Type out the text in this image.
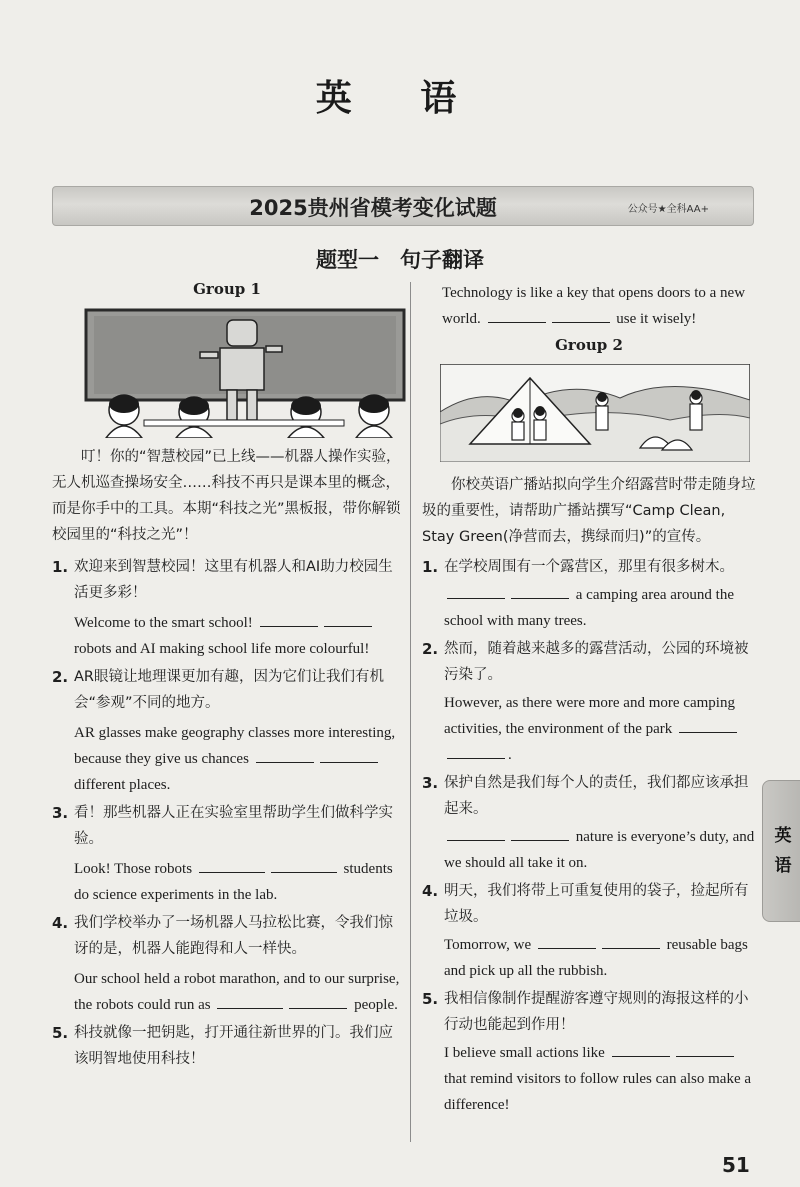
英 语
2025贵州省模考变化试题	公众号★全科AA+
题型一　句子翻译
Group 1
叮！你的“智慧校园”已上线——机器人操作实验，无人机巡查操场安全……科技不再只是课本里的概念，而是你手中的工具。本期“科技之光”黑板报，带你解锁校园里的“科技之光”！
1. 欢迎来到智慧校园！这里有机器人和AI助力校园生活更多彩！
Welcome to the smart school!  robots and AI making school life more colourful!
2. AR眼镜让地理课更加有趣，因为它们让我们有机会“参观”不同的地方。
AR glasses make geography classes more interesting, because they give us chances  different places.
3. 看！那些机器人正在实验室里帮助学生们做科学实验。
Look! Those robots	students do science experiments in the lab.
4. 我们学校举办了一场机器人马拉松比赛，令我们惊讶的是，机器人能跑得和人一样快。
Our school held a robot marathon, and to our surprise, the robots could run as	people.
5. 科技就像一把钥匙，打开通往新世界的门。我们应该明智地使用科技！
Technology is like a key that opens doors to a new world.	use it wisely!
Group 2
你校英语广播站拟向学生介绍露营时带走随身垃圾的重要性，请帮助广播站撰写“Camp Clean, Stay Green(净营而去，携绿而归)”的宣传。
1. 在学校周围有一个露营区，那里有很多树木。
a camping area around the school with many trees.
2. 然而，随着越来越多的露营活动，公园的环境被污染了。
However, as there were more and more camping activities, the environment of the park .
3. 保护自然是我们每个人的责任，我们都应该承担起来。
nature is everyone’s duty, and we should all take it on.
4. 明天，我们将带上可重复使用的袋子，捡起所有垃圾。
Tomorrow, we	reusable bags and pick up all the rubbish.
5. 我相信像制作提醒游客遵守规则的海报这样的小行动也能起到作用！
I believe small actions like  that remind visitors to follow rules can also make a difference!
英语
51
